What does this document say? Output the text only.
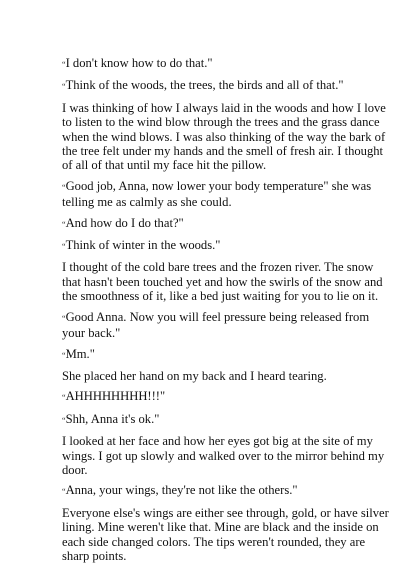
“I don't know how to do that."

“Think of the woods, the trees, the birds and all of that."

I was thinking of how I always laid in the woods and how I love to listen to the wind blow through the trees and the grass dance when the wind blows. I was also thinking of the way the bark of the tree felt under my hands and the smell of fresh air. I thought of all of that until my face hit the pillow.

“Good job, Anna, now lower your body temperature" she was telling me as calmly as she could.

“And how do I do that?"

“Think of winter in the woods."

I thought of the cold bare trees and the frozen river. The snow that hasn't been touched yet and how the swirls of the snow and the smoothness of it, like a bed just waiting for you to lie on it.

“Good Anna. Now you will feel pressure being released from your back."

“Mm."

She placed her hand on my back and I heard tearing.

“AHHHHHHHH!!!"

“Shh, Anna it's ok."

I looked at her face and how her eyes got big at the site of my wings. I got up slowly and walked over to the mirror behind my door.

“Anna, your wings, they're not like the others."

Everyone else's wings are either see through, gold, or have silver lining. Mine weren't like that. Mine are black and the inside on each side changed colors. The tips weren't rounded, they are sharp points.
